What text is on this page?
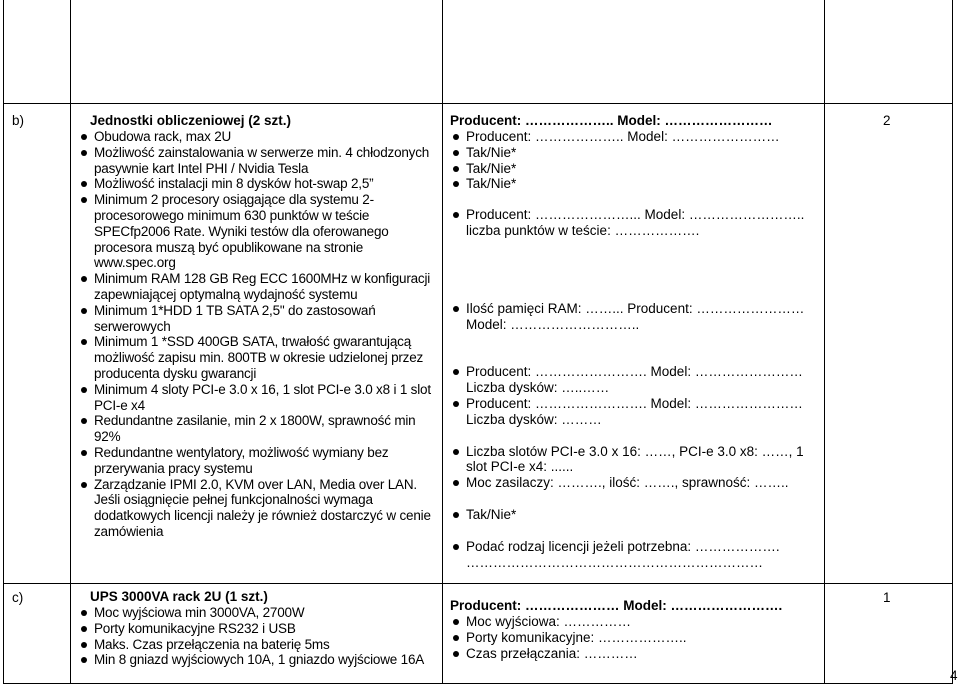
b)	Jednostki obliczeniowej (2 szt.)
Obudowa rack, max 2U
Możliwość zainstalowania w serwerze min. 4 chłodzonych pasywnie kart Intel PHI / Nvidia Tesla
Możliwość instalacji min 8 dysków hot-swap 2,5”
Minimum 2 procesory osiągające dla systemu 2-procesorowego minimum 630 punktów w teście SPECfp2006 Rate. Wyniki testów dla oferowanego procesora muszą być opublikowane na stronie www.spec.org
Minimum RAM 128 GB Reg ECC 1600MHz w konfiguracji zapewniającej optymalną wydajność systemu
Minimum 1*HDD 1 TB SATA 2,5" do zastosowań serwerowych
Minimum 1 *SSD 400GB SATA, trwałość gwarantującą możliwość zapisu min. 800TB w okresie udzielonej przez producenta dysku gwarancji
Minimum 4 sloty PCI-e 3.0 x 16, 1 slot PCI-e 3.0 x8 i 1 slot PCI-e x4
Redundantne zasilanie, min 2 x 1800W, sprawność min 92%
Redundantne wentylatory, możliwość wymiany bez przerywania pracy systemu
Zarządzanie IPMI 2.0, KVM over LAN, Media over LAN. Jeśli osiągnięcie pełnej funkcjonalności wymaga dodatkowych licencji należy je również dostarczyć w cenie zamówienia
Producent: ……………….. Model: ……………………
Producent: ……………….. Model: ……………………
Tak/Nie*
Tak/Nie*
Tak/Nie*
Producent: …………………... Model: ……………………..
liczba punktów w teście: ……………….
Ilość pamięci RAM: ……... Producent: ……………………
Model: ………………………..
Producent: ……………………. Model: …………………… Liczba dysków: …..……
Producent: ……………………. Model: …………………… Liczba dysków: ………
Liczba slotów PCI-e 3.0 x 16: ……, PCI-e 3.0 x8: ……, 1 slot PCI-e x4: ......
Moc zasilaczy: ………., ilość: ……., sprawność: ……..
Tak/Nie*
Podać rodzaj licencji jeżeli potrzebna: ……………….
…………………………………………………………
2
c)	UPS 3000VA rack 2U (1 szt.)
Moc wyjściowa min 3000VA, 2700W
Porty komunikacyjne RS232 i USB
Maks. Czas przełączenia na baterię 5ms
Min 8 gniazd wyjściowych 10A, 1 gniazdo wyjściowe 16A
Producent: ………………… Model: …………………….
Moc wyjściowa: ……………
Porty komunikacyjne: ………………..
Czas przełączania: …………
1
4
